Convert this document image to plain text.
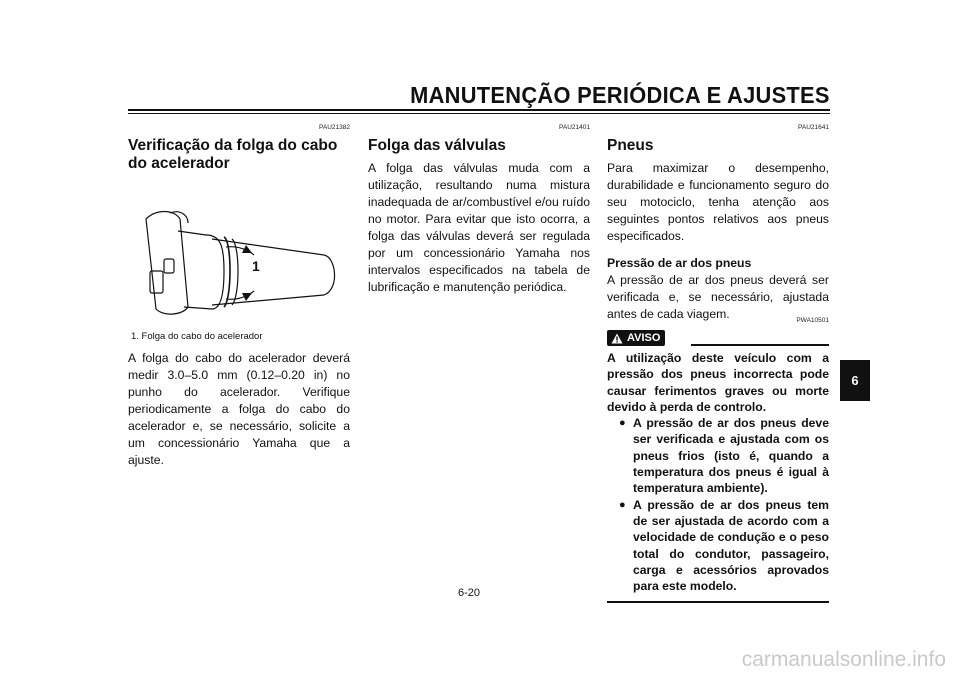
MANUTENÇÃO PERIÓDICA E AJUSTES
PAU21382
Verificação da folga do cabo do acelerador
1
1. Folga do cabo do acelerador
A folga do cabo do acelerador deverá medir 3.0–5.0 mm (0.12–0.20 in) no punho do acelerador. Verifique periodicamente a folga do cabo do acelerador e, se necessário, solicite a um concessionário Yamaha que a ajuste.
PAU21401
Folga das válvulas
A folga das válvulas muda com a utilização, resultando numa mistura inadequada de ar/combustível e/ou ruído no motor. Para evitar que isto ocorra, a folga das válvulas deverá ser regulada por um concessionário Yamaha nos intervalos especificados na tabela de lubrificação e manutenção periódica.
PAU21641
Pneus
Para maximizar o desempenho, durabilidade e funcionamento seguro do seu motociclo, tenha atenção aos seguintes pontos relativos aos pneus especificados.
Pressão de ar dos pneus
A pressão de ar dos pneus deverá ser verificada e, se necessário, ajustada antes de cada viagem.	PWA10501
AVISO
A utilização deste veículo com a pressão dos pneus incorrecta pode causar ferimentos graves ou morte devido à perda de controlo.
● A pressão de ar dos pneus deve ser verificada e ajustada com os pneus frios (isto é, quando a temperatura dos pneus é igual à temperatura ambiente).
● A pressão de ar dos pneus tem de ser ajustada de acordo com a velocidade de condução e o peso total do condutor, passageiro, carga e acessórios aprovados para este modelo.
6
6-20
carmanualsonline.info
